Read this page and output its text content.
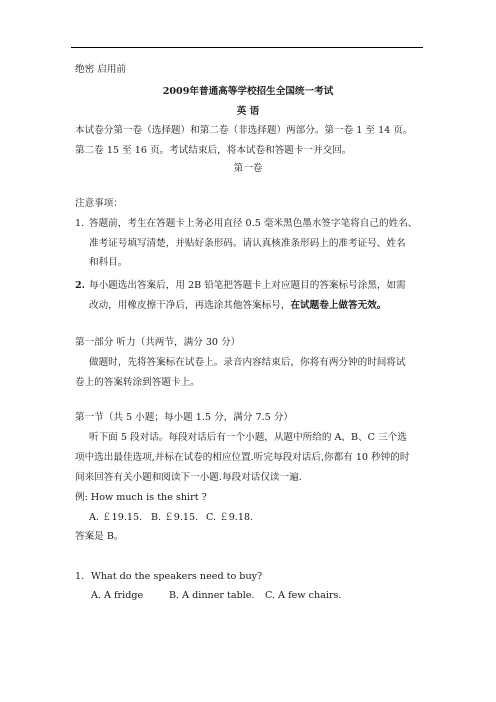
绝密 启用前
2009年普通高等学校招生全国统一考试
英 语
本试卷分第一卷（选择题）和第二卷（非选择题）两部分。第一卷 1 至 14 页。
第二卷 15 至 16 页。考试结束后，将本试卷和答题卡一并交回。
第一卷
注意事项：
1. 答题前，考生在答题卡上务必用直径 0.5 毫米黑色墨水签字笔将自己的姓名、
准考证号填写清楚，并贴好条形码。请认真核准条形码上的准考证号、姓名
和科目。
2. 每小题选出答案后，用 2B 铅笔把答题卡上对应题目的答案标号涂黑，如需
改动，用橡皮擦干净后，再选涂其他答案标号，在试题卷上做答无效。
第一部分 听力（共两节，满分 30 分）
做题时，先将答案标在试卷上。录音内容结束后，你将有两分钟的时间将试
卷上的答案转涂到答题卡上。
第一节（共 5 小题；每小题 1.5 分，满分 7.5 分）
听下面 5 段对话。每段对话后有一个小题，从题中所给的 A、B、C 三个选
项中选出最佳选项,并标在试卷的相应位置.听完每段对话后,你都有 10 秒钟的时
间来回答有关小题和阅读下一小题.每段对话仅读一遍.
例: How much is the shirt ?
A. ￡19.15. B. ￡9.15. C. ￡9.18.
答案是 B。
1. What do the speakers need to buy?
A. A fridge	B. A dinner table. C. A few chairs.
